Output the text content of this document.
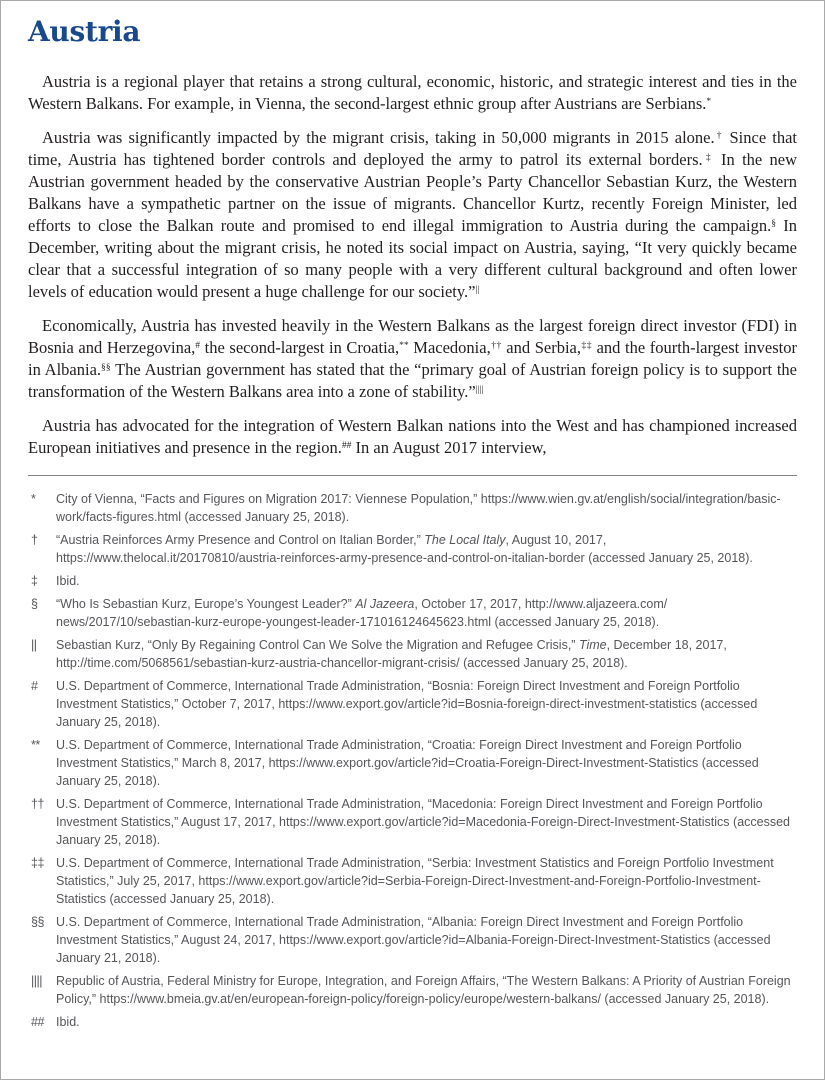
Austria

Austria is a regional player that retains a strong cultural, economic, historic, and strategic interest and ties in the Western Balkans. For example, in Vienna, the second-largest ethnic group after Austrians are Serbians.*

Austria was significantly impacted by the migrant crisis, taking in 50,000 migrants in 2015 alone.† Since that time, Austria has tightened border controls and deployed the army to patrol its external borders.‡ In the new Austrian government headed by the conservative Austrian People’s Party Chancellor Sebastian Kurz, the Western Balkans have a sympathetic partner on the issue of migrants. Chancellor Kurtz, recently Foreign Minister, led efforts to close the Balkan route and promised to end illegal immigration to Austria during the campaign.§ In December, writing about the migrant crisis, he noted its social impact on Austria, saying, “It very quickly became clear that a successful integration of so many people with a very different cultural background and often lower levels of education would present a huge challenge for our society.”||

Economically, Austria has invested heavily in the Western Balkans as the largest foreign direct investor (FDI) in Bosnia and Herzegovina,# the second-largest in Croatia,** Macedonia,†† and Serbia,‡‡ and the fourth-largest investor in Albania.§§ The Austrian government has stated that the “primary goal of Austrian foreign policy is to support the transformation of the Western Balkans area into a zone of stability.”||||

Austria has advocated for the integration of Western Balkan nations into the West and has championed increased European initiatives and presence in the region.## In an August 2017 interview,

*	City of Vienna, “Facts and Figures on Migration 2017: Viennese Population,” https://www.wien.gv.at/english/social/integration/basic-work/facts-figures.html (accessed January 25, 2018).
†	“Austria Reinforces Army Presence and Control on Italian Border,” The Local Italy, August 10, 2017, https://www.thelocal.it/20170810/austria-reinforces-army-presence-and-control-on-italian-border (accessed January 25, 2018).
‡	Ibid.
§	“Who Is Sebastian Kurz, Europe’s Youngest Leader?” Al Jazeera, October 17, 2017, http://www.aljazeera.com/ news/2017/10/sebastian-kurz-europe-youngest-leader-171016124645623.html (accessed January 25, 2018).
||	Sebastian Kurz, “Only By Regaining Control Can We Solve the Migration and Refugee Crisis,” Time, December 18, 2017, http://time.com/5068561/sebastian-kurz-austria-chancellor-migrant-crisis/ (accessed January 25, 2018).
#	U.S. Department of Commerce, International Trade Administration, “Bosnia: Foreign Direct Investment and Foreign Portfolio Investment Statistics,” October 7, 2017, https://www.export.gov/article?id=Bosnia-foreign-direct-investment-statistics (accessed January 25, 2018).
**	U.S. Department of Commerce, International Trade Administration, “Croatia: Foreign Direct Investment and Foreign Portfolio Investment Statistics,” March 8, 2017, https://www.export.gov/article?id=Croatia-Foreign-Direct-Investment-Statistics (accessed January 25, 2018).
†† U.S. Department of Commerce, International Trade Administration, “Macedonia: Foreign Direct Investment and Foreign Portfolio Investment Statistics,” August 17, 2017, https://www.export.gov/article?id=Macedonia-Foreign-Direct-Investment-Statistics (accessed January 25, 2018).
‡‡ U.S. Department of Commerce, International Trade Administration, “Serbia: Investment Statistics and Foreign Portfolio Investment Statistics,” July 25, 2017, https://www.export.gov/article?id=Serbia-Foreign-Direct-Investment-and-Foreign-Portfolio-Investment-Statistics (accessed January 25, 2018).
§§ U.S. Department of Commerce, International Trade Administration, “Albania: Foreign Direct Investment and Foreign Portfolio Investment Statistics,” August 24, 2017, https://www.export.gov/article?id=Albania-Foreign-Direct-Investment-Statistics (accessed January 21, 2018).
||||	Republic of Austria, Federal Ministry for Europe, Integration, and Foreign Affairs, “The Western Balkans: A Priority of Austrian Foreign Policy,” https://www.bmeia.gv.at/en/european-foreign-policy/foreign-policy/europe/western-balkans/ (accessed January 25, 2018).
## Ibid.
